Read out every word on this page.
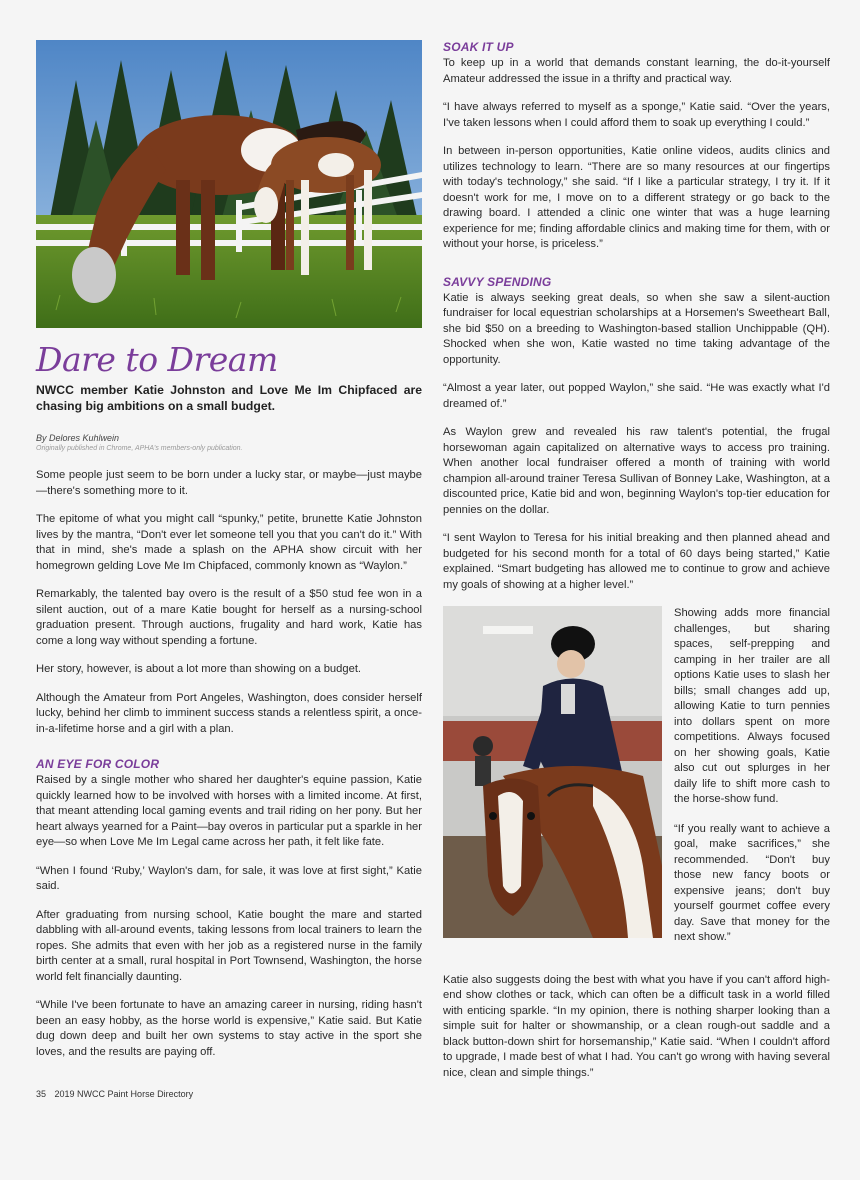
Dare to Dream
NWCC member Katie Johnston and Love Me Im Chipfaced are chasing big ambitions on a small budget.

By Delores Kuhlwein

Originally published in Chrome, APHA's members-only publication.

Some people just seem to be born under a lucky star, or maybe—just maybe—there's something more to it.

The epitome of what you might call “spunky,” petite, brunette Katie Johnston lives by the mantra, “Don't ever let someone tell you that you can't do it.” With that in mind, she's made a splash on the APHA show circuit with her homegrown gelding Love Me Im Chipfaced, commonly known as “Waylon.”

Remarkably, the talented bay overo is the result of a $50 stud fee won in a silent auction, out of a mare Katie bought for herself as a nursing-school graduation present. Through auctions, frugality and hard work, Katie has come a long way without spending a fortune.

Her story, however, is about a lot more than showing on a budget.

Although the Amateur from Port Angeles, Washington, does consider herself lucky, behind her climb to imminent success stands a relentless spirit, a once-in-a-lifetime horse and a girl with a plan.

AN EYE FOR COLOR

Raised by a single mother who shared her daughter's equine passion, Katie quickly learned how to be involved with horses with a limited income. At first, that meant attending local gaming events and trail riding on her pony. But her heart always yearned for a Paint—bay overos in particular put a sparkle in her eye—so when Love Me Im Legal came across her path, it felt like fate.

“When I found ‘Ruby,’ Waylon's dam, for sale, it was love at first sight,” Katie said.

After graduating from nursing school, Katie bought the mare and started dabbling with all-around events, taking lessons from local trainers to learn the ropes. She admits that even with her job as a registered nurse in the family birth center at a small, rural hospital in Port Townsend, Washington, the horse world felt financially daunting.

“While I've been fortunate to have an amazing career in nursing, riding hasn't been an easy hobby, as the horse world is expensive,” Katie said. But Katie dug down deep and built her own systems to stay active in the sport she loves, and the results are paying off.

SOAK IT UP

To keep up in a world that demands constant learning, the do-it-yourself Amateur addressed the issue in a thrifty and practical way.

“I have always referred to myself as a sponge,” Katie said. “Over the years, I've taken lessons when I could afford them to soak up everything I could.”

In between in-person opportunities, Katie online videos, audits clinics and utilizes technology to learn. “There are so many resources at our fingertips with today's technology,” she said. “If I like a particular strategy, I try it. If it doesn't work for me, I move on to a different strategy or go back to the drawing board. I attended a clinic one winter that was a huge learning experience for me; finding affordable clinics and making time for them, with or without your horse, is priceless.”

SAVVY SPENDING

Katie is always seeking great deals, so when she saw a silent-auction fundraiser for local equestrian scholarships at a Horsemen's Sweetheart Ball, she bid $50 on a breeding to Washington-based stallion Unchippable (QH). Shocked when she won, Katie wasted no time taking advantage of the opportunity.

“Almost a year later, out popped Waylon,” she said. “He was exactly what I'd dreamed of.”

As Waylon grew and revealed his raw talent's potential, the frugal horsewoman again capitalized on alternative ways to access pro training. When another local fundraiser offered a month of training with world champion all-around trainer Teresa Sullivan of Bonney Lake, Washington, at a discounted price, Katie bid and won, beginning Waylon's top-tier education for pennies on the dollar.

“I sent Waylon to Teresa for his initial breaking and then planned ahead and budgeted for his second month for a total of 60 days being started,” Katie explained. “Smart budgeting has allowed me to continue to grow and achieve my goals of showing at a higher level.”

Showing adds more financial challenges, but sharing spaces, self-prepping and camping in her trailer are all options Katie uses to slash her bills; small changes add up, allowing Katie to turn pennies into dollars spent on more competitions. Always focused on her showing goals, Katie also cut out splurges in her daily life to shift more cash to the horse-show fund.

“If you really want to achieve a goal, make sacrifices,” she recommended. “Don't buy those new fancy boots or expensive jeans; don't buy yourself gourmet coffee every day. Save that money for the next show.”

Katie also suggests doing the best with what you have if you can't afford high-end show clothes or tack, which can often be a difficult task in a world filled with enticing sparkle. “In my opinion, there is nothing sharper looking than a simple suit for halter or showmanship, or a clean rough-out saddle and a black button-down shirt for horsemanship,” Katie said. “When I couldn't afford to upgrade, I made best of what I had. You can't go wrong with having several nice, clean and simple things.”

35 2019 NWCC Paint Horse Directory
